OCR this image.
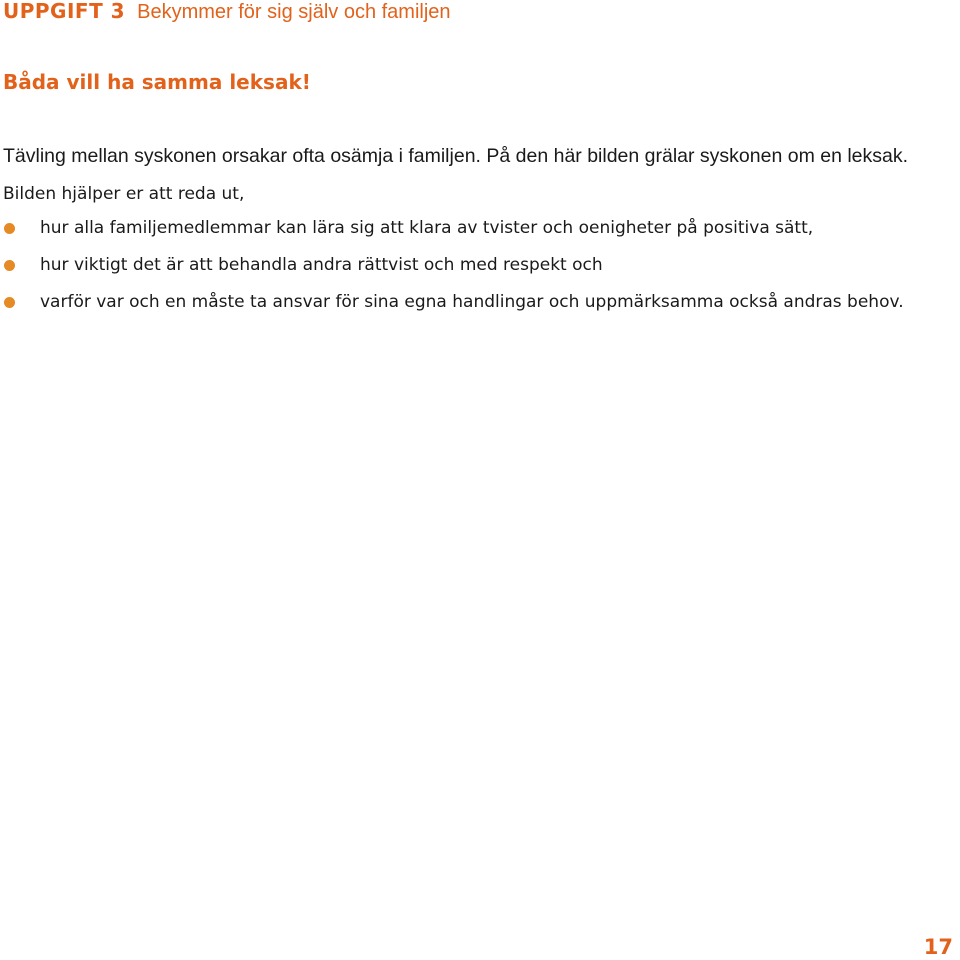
UPPGIFT 3 Bekymmer för sig själv och familjen
Båda vill ha samma leksak!
Tävling mellan syskonen orsakar ofta osämja i familjen. På den här bilden grälar syskonen om en leksak. Bilden hjälper er att reda ut,
hur alla familjemedlemmar kan lära sig att klara av tvister och oenigheter på positiva sätt,
hur viktigt det är att behandla andra rättvist och med respekt och
varför var och en måste ta ansvar för sina egna handlingar och uppmärksamma också andras behov.
17
